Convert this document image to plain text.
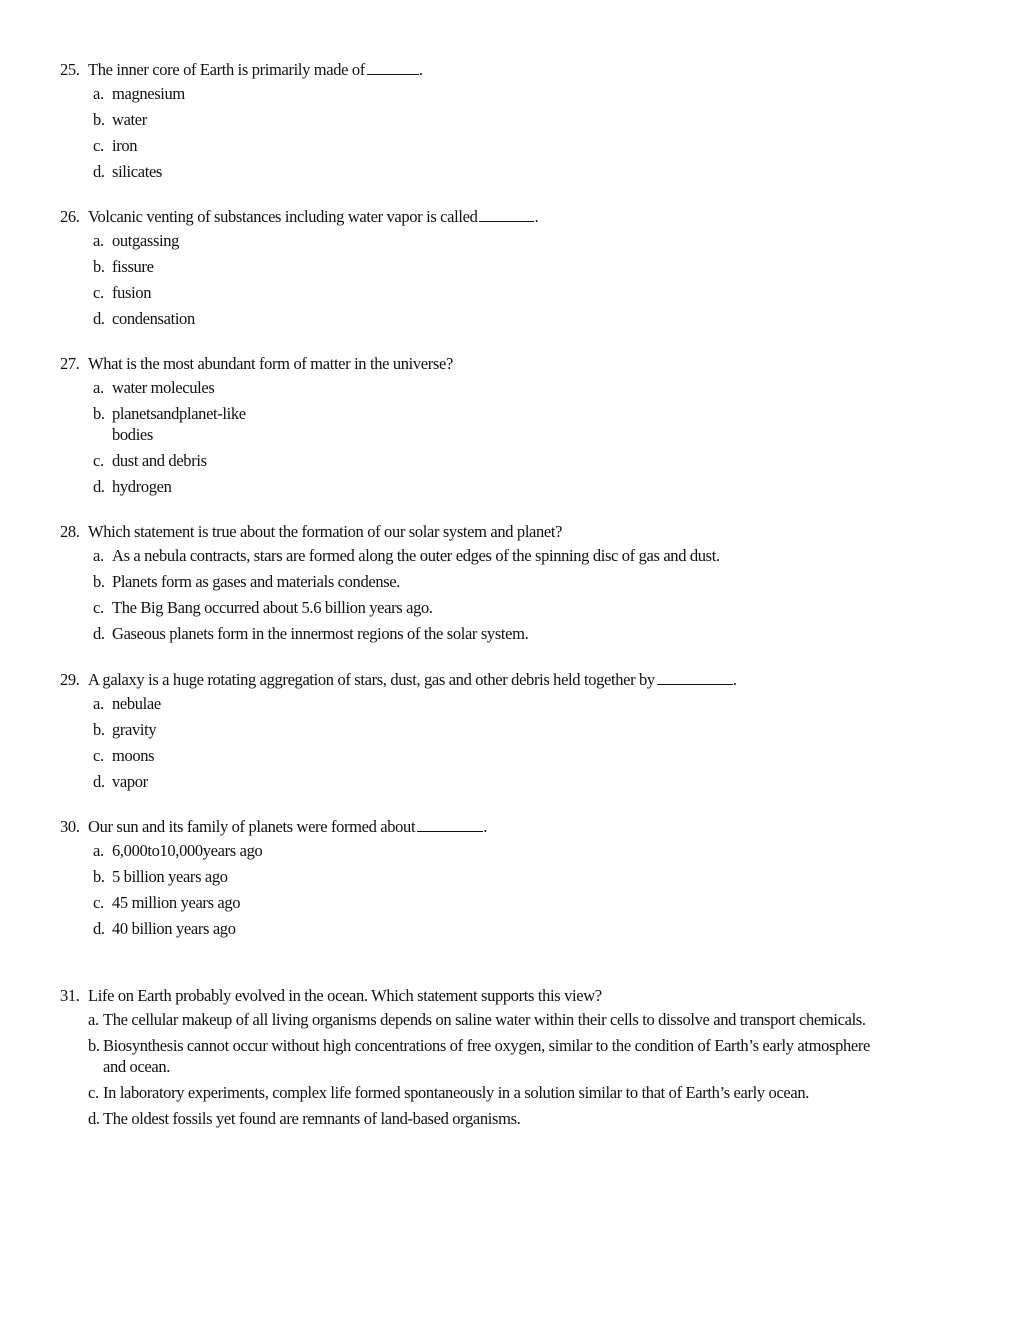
25. The inner core of Earth is primarily made of	.
a. magnesium
b. water
c. iron
d. silicates
26. Volcanic venting of substances including water vapor is called	.
a. outgassing
b. fissure
c. fusion
d. condensation
27. What is the most abundant form of matter in the universe?
a. water molecules
b. planetsandplanet-like bodies
c. dust and debris
d. hydrogen
28. Which statement is true about the formation of our solar system and planet?
a. As a nebula contracts, stars are formed along the outer edges of the spinning disc of gas and dust.
b. Planets form as gases and materials condense.
c. The Big Bang occurred about 5.6 billion years ago.
d. Gaseous planets form in the innermost regions of the solar system.
29. A galaxy is a huge rotating aggregation of stars, dust, gas and other debris held together by	.
a. nebulae
b. gravity
c. moons
d. vapor
30. Our sun and its family of planets were formed about	.
a. 6,000to10,000years ago
b. 5 billion years ago
c. 45 million years ago
d. 40 billion years ago
31. Life on Earth probably evolved in the ocean. Which statement supports this view?
a. The cellular makeup of all living organisms depends on saline water within their cells to dissolve and transport chemicals.
b. Biosynthesis cannot occur without high concentrations of free oxygen, similar to the condition of Earth’s early atmosphere and ocean.
c. In laboratory experiments, complex life formed spontaneously in a solution similar to that of Earth’s early ocean.
d. The oldest fossils yet found are remnants of land-based organisms.
